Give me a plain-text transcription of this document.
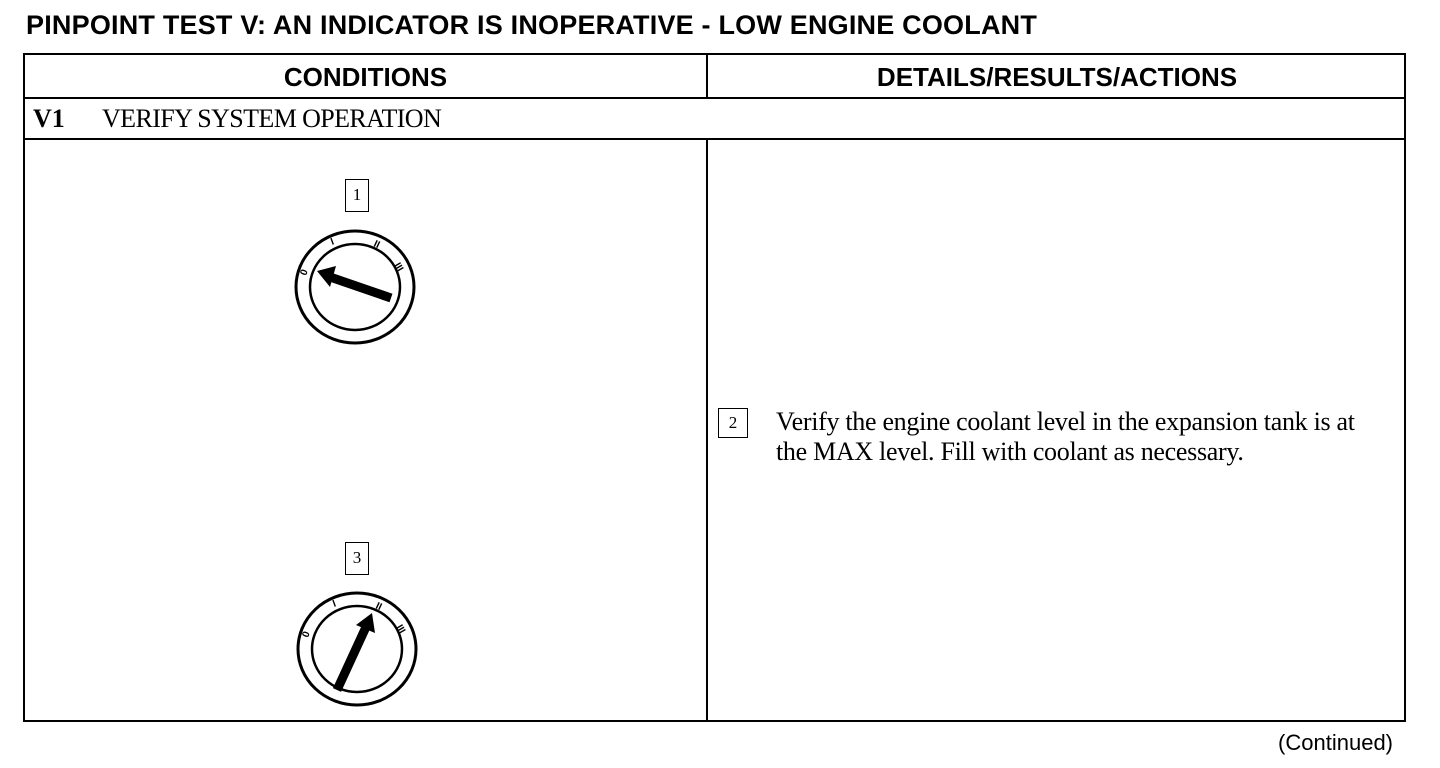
PINPOINT TEST V: AN INDICATOR IS INOPERATIVE - LOW ENGINE COOLANT
CONDITIONS	DETAILS/RESULTS/ACTIONS
V1 VERIFY SYSTEM OPERATION
1
0
I	II
III
3
0
I	II
III
2	Verify the engine coolant level in the expansion tank is at the MAX level. Fill with coolant as necessary.
(Continued)
